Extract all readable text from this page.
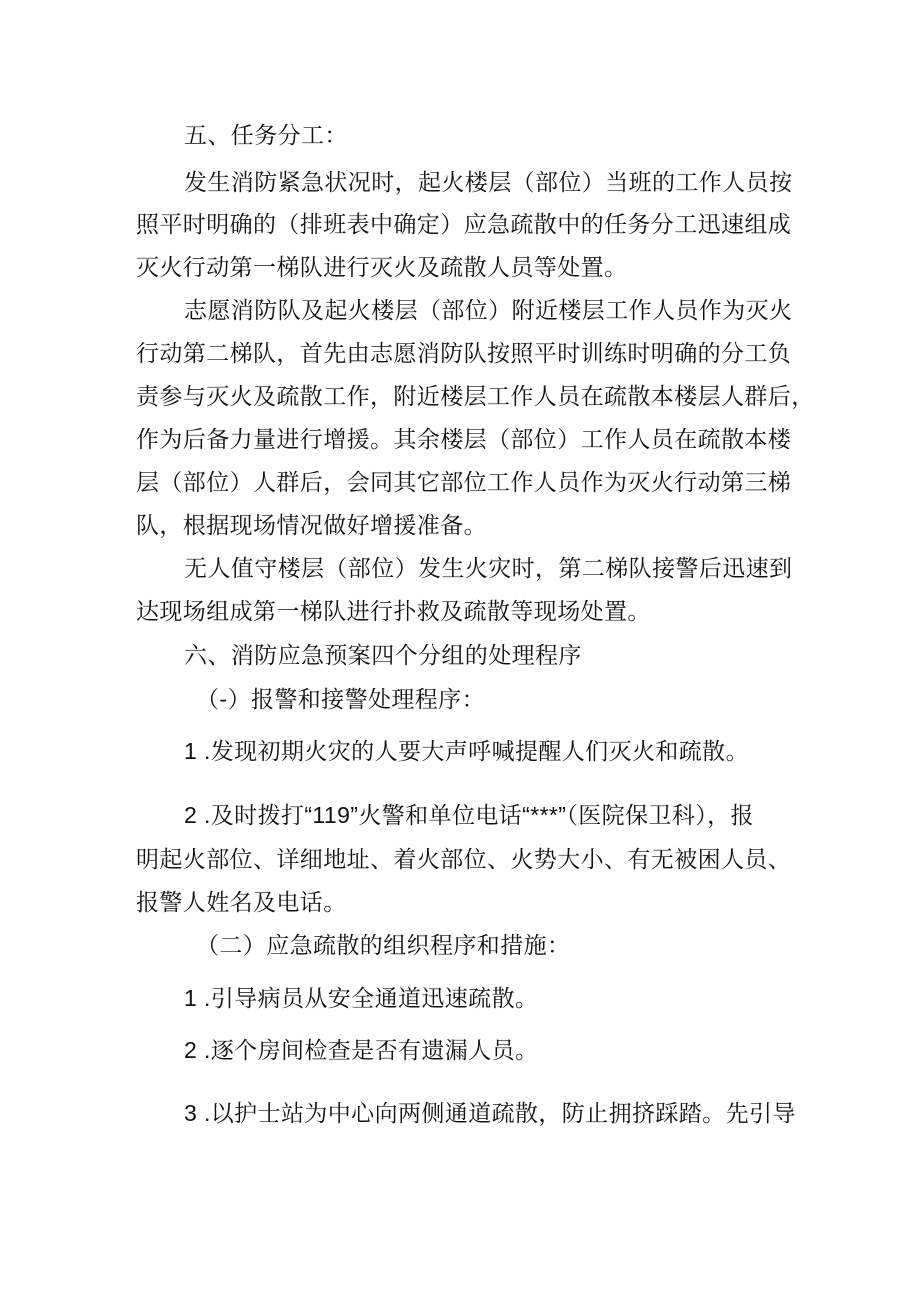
五、任务分工：
发生消防紧急状况时，起火楼层（部位）当班的工作人员按
照平时明确的（排班表中确定）应急疏散中的任务分工迅速组成
灭火行动第一梯队进行灭火及疏散人员等处置。
志愿消防队及起火楼层（部位）附近楼层工作人员作为灭火
行动第二梯队，首先由志愿消防队按照平时训练时明确的分工负
责参与灭火及疏散工作，附近楼层工作人员在疏散本楼层人群后，
作为后备力量进行增援。其余楼层（部位）工作人员在疏散本楼
层（部位）人群后，会同其它部位工作人员作为灭火行动第三梯
队，根据现场情况做好增援准备。
无人值守楼层（部位）发生火灾时，第二梯队接警后迅速到
达现场组成第一梯队进行扑救及疏散等现场处置。
六、消防应急预案四个分组的处理程序
（-）报警和接警处理程序：
1 .发现初期火灾的人要大声呼喊提醒人们灭火和疏散。
2 .及时拨打“119”火警和单位电话“***”（医院保卫科），报
明起火部位、详细地址、着火部位、火势大小、有无被困人员、
报警人姓名及电话。
（二）应急疏散的组织程序和措施：
1 .引导病员从安全通道迅速疏散。
2 .逐个房间检查是否有遗漏人员。
3 .以护士站为中心向两侧通道疏散，防止拥挤踩踏。先引导
